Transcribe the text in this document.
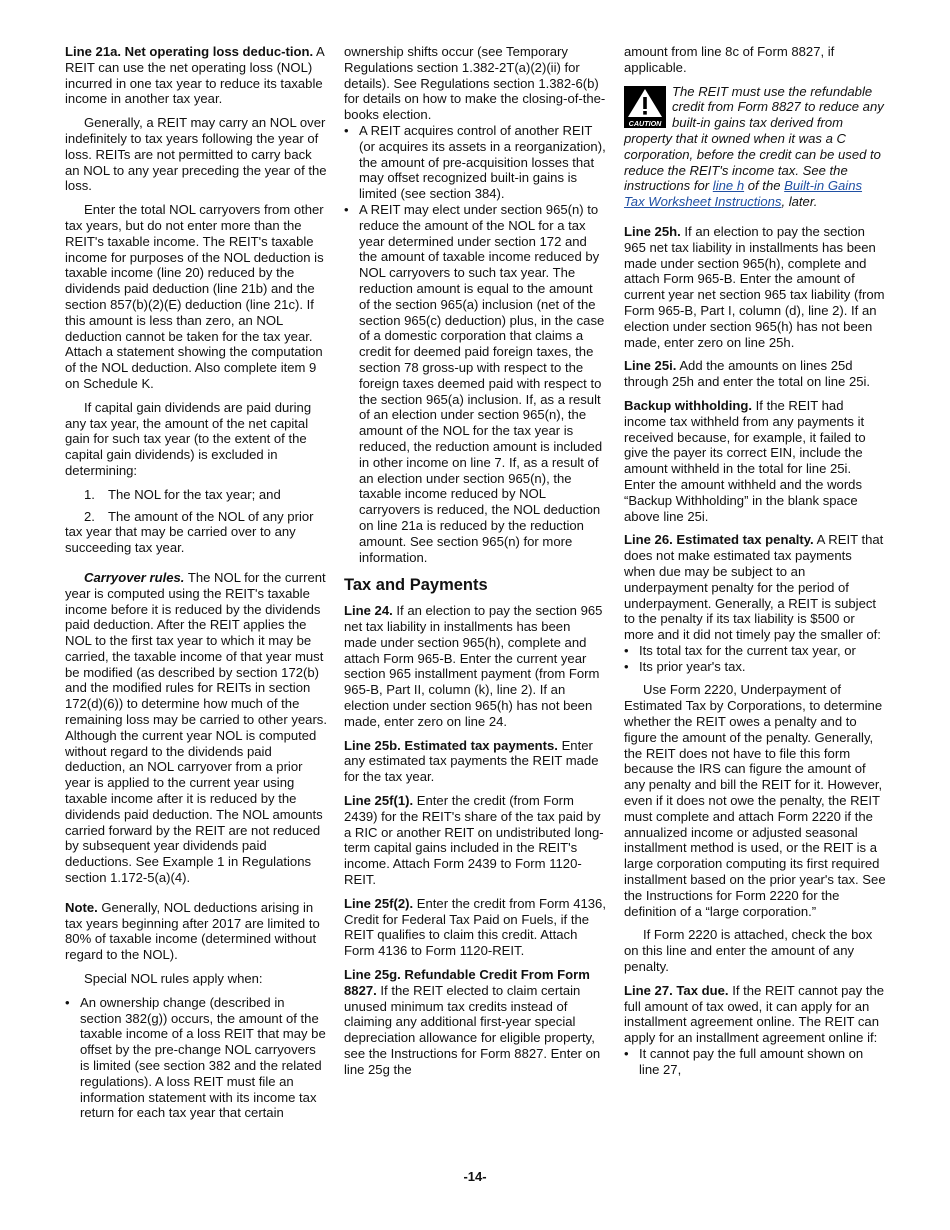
Line 21a. Net operating loss deduc-tion. A REIT can use the net operating loss (NOL) incurred in one tax year to reduce its taxable income in another tax year.

Generally, a REIT may carry an NOL over indefinitely to tax years following the year of loss. REITs are not permitted to carry back an NOL to any year preceding the year of the loss.

Enter the total NOL carryovers from other tax years, but do not enter more than the REIT's taxable income. The REIT's taxable income for purposes of the NOL deduction is taxable income (line 20) reduced by the dividends paid deduction (line 21b) and the section 857(b)(2)(E) deduction (line 21c). If this amount is less than zero, an NOL deduction cannot be taken for the tax year. Attach a statement showing the computation of the NOL deduction. Also complete item 9 on Schedule K.

If capital gain dividends are paid during any tax year, the amount of the net capital gain for such tax year (to the extent of the capital gain dividends) is excluded in determining:

1. The NOL for the tax year; and

2. The amount of the NOL of any prior tax year that may be carried over to any succeeding tax year.

Carryover rules. The NOL for the current year is computed using the REIT's taxable income before it is reduced by the dividends paid deduction. After the REIT applies the NOL to the first tax year to which it may be carried, the taxable income of that year must be modified (as described by section 172(b) and the modified rules for REITs in section 172(d)(6)) to determine how much of the remaining loss may be carried to other years. Although the current year NOL is computed without regard to the dividends paid deduction, an NOL carryover from a prior year is applied to the current year using taxable income after it is reduced by the dividends paid deduction. The NOL amounts carried forward by the REIT are not reduced by subsequent year dividends paid deductions. See Example 1 in Regulations section 1.172-5(a)(4).

Note. Generally, NOL deductions arising in tax years beginning after 2017 are limited to 80% of taxable income (determined without regard to the NOL).

Special NOL rules apply when:

• An ownership change (described in section 382(g)) occurs, the amount of the taxable income of a loss REIT that may be offset by the pre-change NOL carryovers is limited (see section 382 and the related regulations). A loss REIT must file an information statement with its income tax return for each tax year that certain

ownership shifts occur (see Temporary Regulations section 1.382-2T(a)(2)(ii) for details). See Regulations section 1.382-6(b) for details on how to make the closing-of-the-books election.

• A REIT acquires control of another REIT (or acquires its assets in a reorganization), the amount of pre-acquisition losses that may offset recognized built-in gains is limited (see section 384).

• A REIT may elect under section 965(n) to reduce the amount of the NOL for a tax year determined under section 172 and the amount of taxable income reduced by NOL carryovers to such tax year. The reduction amount is equal to the amount of the section 965(a) inclusion (net of the section 965(c) deduction) plus, in the case of a domestic corporation that claims a credit for deemed paid foreign taxes, the section 78 gross-up with respect to the foreign taxes deemed paid with respect to the section 965(a) inclusion. If, as a result of an election under section 965(n), the amount of the NOL for the tax year is reduced, the reduction amount is included in other income on line 7. If, as a result of an election under section 965(n), the taxable income reduced by NOL carryovers is reduced, the NOL deduction on line 21a is reduced by the reduction amount. See section 965(n) for more information.

Tax and Payments

Line 24. If an election to pay the section 965 net tax liability in installments has been made under section 965(h), complete and attach Form 965-B. Enter the current year section 965 installment payment (from Form 965-B, Part II, column (k), line 2). If an election under section 965(h) has not been made, enter zero on line 24.

Line 25b. Estimated tax payments. Enter any estimated tax payments the REIT made for the tax year.

Line 25f(1). Enter the credit (from Form 2439) for the REIT's share of the tax paid by a RIC or another REIT on undistributed long-term capital gains included in the REIT's income. Attach Form 2439 to Form 1120-REIT.

Line 25f(2). Enter the credit from Form 4136, Credit for Federal Tax Paid on Fuels, if the REIT qualifies to claim this credit. Attach Form 4136 to Form 1120-REIT.

Line 25g. Refundable Credit From Form 8827. If the REIT elected to claim certain unused minimum tax credits instead of claiming any additional first-year special depreciation allowance for eligible property, see the Instructions for Form 8827. Enter on line 25g the

amount from line 8c of Form 8827, if applicable.

CAUTION
The REIT must use the refundable credit from Form 8827 to reduce any built-in gains tax derived from property that it owned when it was a C corporation, before the credit can be used to reduce the REIT's income tax. See the instructions for line h of the Built-in Gains Tax Worksheet Instructions, later.

Line 25h. If an election to pay the section 965 net tax liability in installments has been made under section 965(h), complete and attach Form 965-B. Enter the amount of current year net section 965 tax liability (from Form 965-B, Part I, column (d), line 2). If an election under section 965(h) has not been made, enter zero on line 25h.

Line 25i. Add the amounts on lines 25d through 25h and enter the total on line 25i.

Backup withholding. If the REIT had income tax withheld from any payments it received because, for example, it failed to give the payer its correct EIN, include the amount withheld in the total for line 25i. Enter the amount withheld and the words “Backup Withholding” in the blank space above line 25i.

Line 26. Estimated tax penalty. A REIT that does not make estimated tax payments when due may be subject to an underpayment penalty for the period of underpayment. Generally, a REIT is subject to the penalty if its tax liability is $500 or more and it did not timely pay the smaller of:

• Its total tax for the current tax year, or

• Its prior year's tax.

Use Form 2220, Underpayment of Estimated Tax by Corporations, to determine whether the REIT owes a penalty and to figure the amount of the penalty. Generally, the REIT does not have to file this form because the IRS can figure the amount of any penalty and bill the REIT for it. However, even if it does not owe the penalty, the REIT must complete and attach Form 2220 if the annualized income or adjusted seasonal installment method is used, or the REIT is a large corporation computing its first required installment based on the prior year's tax. See the Instructions for Form 2220 for the definition of a “large corporation.”

If Form 2220 is attached, check the box on this line and enter the amount of any penalty.

Line 27. Tax due. If the REIT cannot pay the full amount of tax owed, it can apply for an installment agreement online. The REIT can apply for an installment agreement online if:

• It cannot pay the full amount shown on line 27,

-14-
